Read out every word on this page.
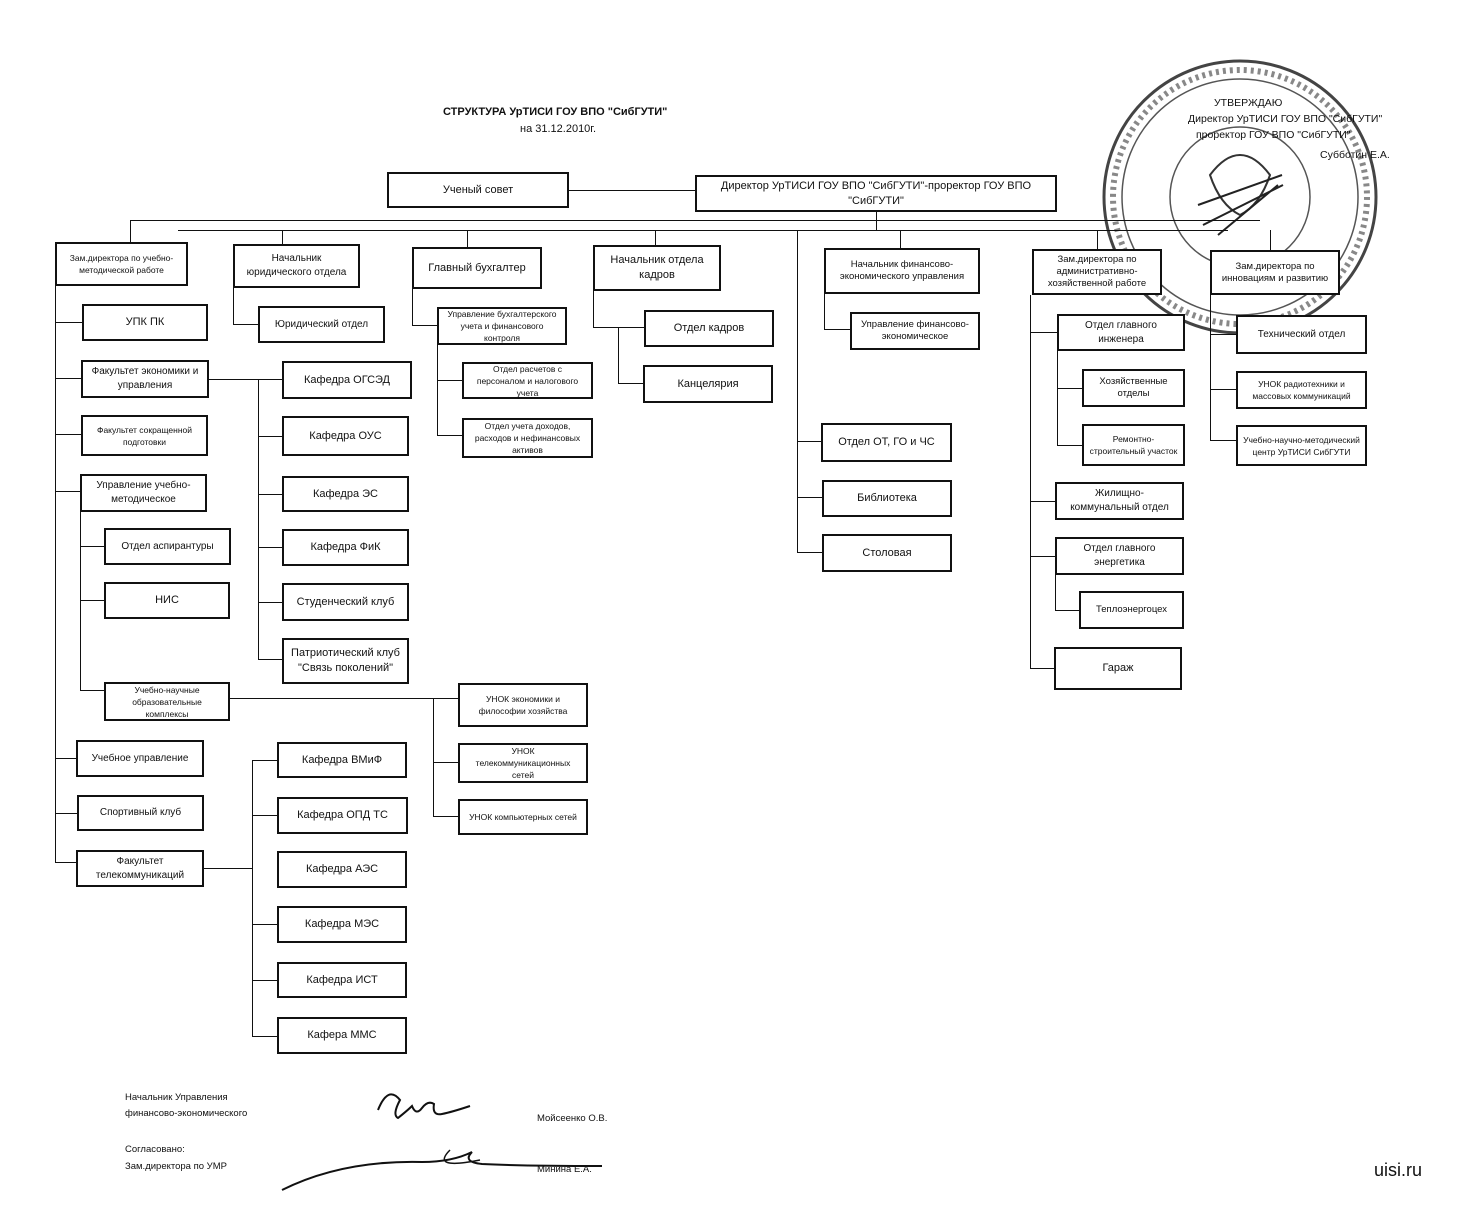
СТРУКТУРА УрТИСИ ГОУ ВПО "СибГУТИ"
на 31.12.2010г.
УТВЕРЖДАЮ
Директор УрТИСИ ГОУ ВПО "СибГУТИ"
проректор ГОУ ВПО "СибГУТИ"
Субботин Е.А.
Ученый совет	Директор УрТИСИ ГОУ ВПО "СибГУТИ"-проректор ГОУ ВПО "СибГУТИ"
Зам.директора по учебно-методической работе
УПК ПК
Факультет экономики и управления
Факультет сокращенной подготовки
Управление учебно-методическое
Отдел аспирантуры
НИС
Учебно-научные образовательные комплексы
Учебное управление
Спортивный клуб
Факультет телекоммуникаций
Кафедра ОГСЭД
Кафедра ОУС
Кафедра ЭС
Кафедра ФиК
Студенческий клуб
Патриотический клуб "Связь поколений"
УНОК экономики и философии хозяйства
УНОК телекоммуникационных сетей
УНОК компьютерных сетей
Кафедра ВМиФ
Кафедра ОПД ТС
Кафедра АЭС
Кафедра МЭС
Кафедра ИСТ
Кафера ММС
Начальник юридического отдела
Юридический отдел
Главный бухгалтер
Управление бухгалтерского учета и финансового контроля
Отдел расчетов с персоналом и налогового учета
Отдел учета доходов, расходов и нефинансовых активов
Начальник отдела кадров
Отдел кадров
Канцелярия
Начальник финансово-экономического управления
Управление финансово-экономическое
Отдел ОТ, ГО и ЧС
Библиотека
Столовая
Зам.директора по административно-хозяйственной работе
Отдел главного инженера
Хозяйственные отделы
Ремонтно-строительный участок
Жилищно-коммунальный отдел
Отдел главного энергетика
Теплоэнергоцех
Гараж
Зам.директора по инновациям и развитию
Технический отдел
УНОК радиотехники и массовых коммуникаций
Учебно-научно-методический центр УрТИСИ СибГУТИ
Начальник Управления
финансово-экономического	Мойсеенко О.В.
Согласовано:
Зам.директора по УМР	Минина Е.А.	uisi.ru
